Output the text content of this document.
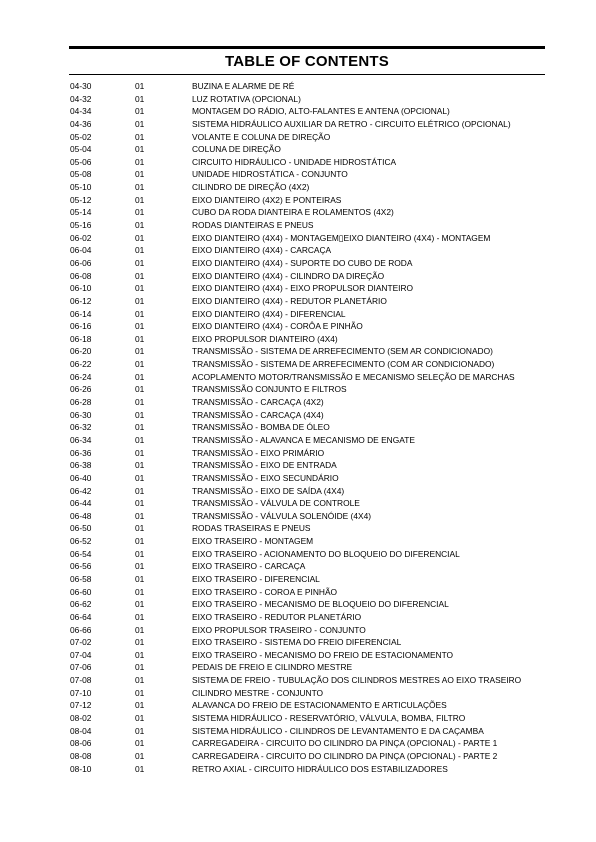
TABLE OF CONTENTS
04-30	01	BUZINA E ALARME DE RÉ
04-32	01	LUZ ROTATIVA (OPCIONAL)
04-34	01	MONTAGEM DO RÁDIO, ALTO-FALANTES E ANTENA (OPCIONAL)
04-36	01	SISTEMA HIDRÁULICO AUXILIAR DA RETRO - CIRCUITO ELÉTRICO (OPCIONAL)
05-02	01	VOLANTE E COLUNA DE DIREÇÃO
05-04	01	COLUNA DE DIREÇÃO
05-06	01	CIRCUITO HIDRÁULICO - UNIDADE HIDROSTÁTICA
05-08	01	UNIDADE HIDROSTÁTICA - CONJUNTO
05-10	01	CILINDRO DE DIREÇÃO (4X2)
05-12	01	EIXO DIANTEIRO (4X2) E PONTEIRAS
05-14	01	CUBO DA RODA DIANTEIRA E ROLAMENTOS (4X2)
05-16	01	RODAS DIANTEIRAS E PNEUS
06-02	01	EIXO DIANTEIRO (4X4) - MONTAGEM▯EIXO DIANTEIRO (4X4) - MONTAGEM
06-04	01	EIXO DIANTEIRO (4X4) - CARCAÇA
06-06	01	EIXO DIANTEIRO (4X4) - SUPORTE DO CUBO DE RODA
06-08	01	EIXO DIANTEIRO (4X4) - CILINDRO DA DIREÇÃO
06-10	01	EIXO DIANTEIRO (4X4) - EIXO PROPULSOR DIANTEIRO
06-12	01	EIXO DIANTEIRO (4X4) - REDUTOR PLANETÁRIO
06-14	01	EIXO DIANTEIRO (4X4) - DIFERENCIAL
06-16	01	EIXO DIANTEIRO (4X4) - CORÔA E PINHÃO
06-18	01	EIXO PROPULSOR DIANTEIRO (4X4)
06-20	01	TRANSMISSÃO - SISTEMA DE ARREFECIMENTO (SEM AR CONDICIONADO)
06-22	01	TRANSMISSÃO - SISTEMA DE ARREFECIMENTO (COM AR CONDICIONADO)
06-24	01	ACOPLAMENTO MOTOR/TRANSMISSÃO E MECANISMO SELEÇÃO DE MARCHAS
06-26	01	TRANSMISSÃO CONJUNTO E FILTROS
06-28	01	TRANSMISSÃO - CARCAÇA (4X2)
06-30	01	TRANSMISSÃO - CARCAÇA (4X4)
06-32	01	TRANSMISSÃO - BOMBA DE ÓLEO
06-34	01	TRANSMISSÃO - ALAVANCA E MECANISMO DE ENGATE
06-36	01	TRANSMISSÃO - EIXO PRIMÁRIO
06-38	01	TRANSMISSÃO - EIXO DE ENTRADA
06-40	01	TRANSMISSÃO - EIXO SECUNDÁRIO
06-42	01	TRANSMISSÃO - EIXO DE SAÍDA (4X4)
06-44	01	TRANSMISSÃO - VÁLVULA DE CONTROLE
06-48	01	TRANSMISSÃO - VÁLVULA SOLENÓIDE (4X4)
06-50	01	RODAS TRASEIRAS E PNEUS
06-52	01	EIXO TRASEIRO - MONTAGEM
06-54	01	EIXO TRASEIRO - ACIONAMENTO DO BLOQUEIO DO DIFERENCIAL
06-56	01	EIXO TRASEIRO - CARCAÇA
06-58	01	EIXO TRASEIRO - DIFERENCIAL
06-60	01	EIXO TRASEIRO - COROA E PINHÃO
06-62	01	EIXO TRASEIRO - MECANISMO DE BLOQUEIO DO DIFERENCIAL
06-64	01	EIXO TRASEIRO - REDUTOR PLANETÁRIO
06-66	01	EIXO PROPULSOR TRASEIRO - CONJUNTO
07-02	01	EIXO TRASEIRO - SISTEMA DO FREIO DIFERENCIAL
07-04	01	EIXO TRASEIRO - MECANISMO DO FREIO DE ESTACIONAMENTO
07-06	01	PEDAIS DE FREIO E CILINDRO MESTRE
07-08	01	SISTEMA DE FREIO - TUBULAÇÃO DOS CILINDROS MESTRES AO EIXO TRASEIRO
07-10	01	CILINDRO MESTRE - CONJUNTO
07-12	01	ALAVANCA DO FREIO DE ESTACIONAMENTO E ARTICULAÇÕES
08-02	01	SISTEMA HIDRÁULICO - RESERVATÓRIO, VÁLVULA, BOMBA, FILTRO
08-04	01	SISTEMA HIDRÁULICO - CILINDROS DE LEVANTAMENTO E DA CAÇAMBA
08-06	01	CARREGADEIRA - CIRCUITO DO CILINDRO DA PINÇA (OPCIONAL) - PARTE 1
08-08	01	CARREGADEIRA - CIRCUITO DO CILINDRO DA PINÇA (OPCIONAL) - PARTE 2
08-10	01	RETRO AXIAL - CIRCUITO HIDRÁULICO DOS ESTABILIZADORES
